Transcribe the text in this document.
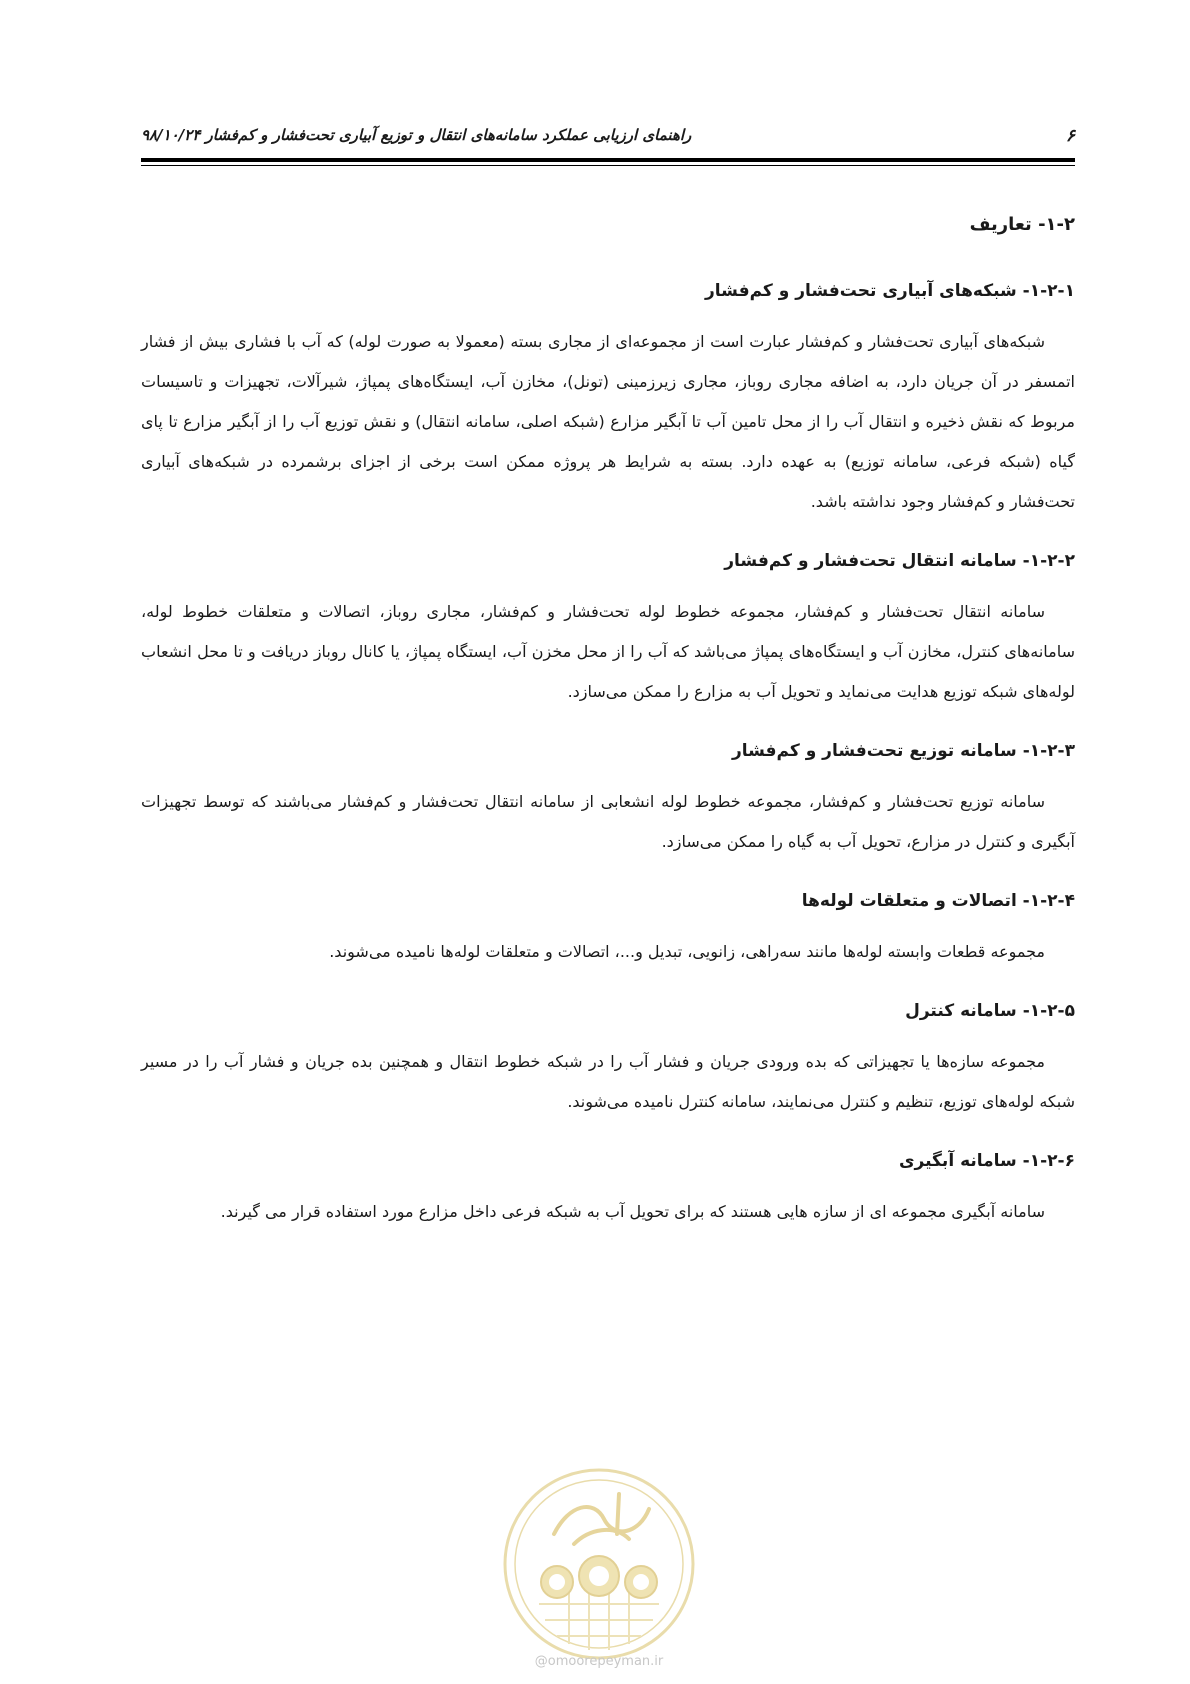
۶
راهنمای ارزیابی عملکرد سامانه‌های انتقال و توزیع آبیاری تحت‌فشار و کم‌فشار ۹۸/۱۰/۲۴
۱-۲- تعاریف
۱-۲-۱- شبکه‌های آبیاری تحت‌فشار و کم‌فشار

شبکه‌های آبیاری تحت‌فشار و کم‌فشار عبارت است از مجموعه‌ای از مجاری بسته (معمولا به صورت لوله) که آب با فشاری بیش از فشار اتمسفر در آن جریان دارد، به اضافه مجاری روباز، مجاری زیرزمینی (تونل)، مخازن آب، ایستگاه‌های پمپاژ، شیرآلات، تجهیزات و تاسیسات مربوط که نقش ذخیره و انتقال آب را از محل تامین آب تا آبگیر مزارع (شبکه اصلی، سامانه انتقال) و نقش توزیع آب را از آبگیر مزارع تا پای گیاه (شبکه فرعی، سامانه توزیع) به عهده دارد. بسته به شرایط هر پروژه ممکن است برخی از اجزای برشمرده در شبکه‌های آبیاری تحت‌فشار و کم‌فشار وجود نداشته باشد.

۱-۲-۲- سامانه انتقال تحت‌فشار و کم‌فشار

سامانه انتقال تحت‌فشار و کم‌فشار، مجموعه خطوط لوله تحت‌فشار و کم‌فشار، مجاری روباز، اتصالات و متعلقات خطوط لوله، سامانه‌های کنترل، مخازن آب و ایستگاه‌های پمپاژ می‌باشد که آب را از محل مخزن آب، ایستگاه پمپاژ، یا کانال روباز دریافت و تا محل انشعاب لوله‌های شبکه توزیع هدایت می‌نماید و تحویل آب به مزارع را ممکن می‌سازد.

۱-۲-۳- سامانه توزیع تحت‌فشار و کم‌فشار

سامانه توزیع تحت‌فشار و کم‌فشار، مجموعه خطوط لوله انشعابی از سامانه انتقال تحت‌فشار و کم‌فشار می‌باشند که توسط تجهیزات آبگیری و کنترل در مزارع، تحویل آب به گیاه را ممکن می‌سازد.

۱-۲-۴- اتصالات و متعلقات لوله‌ها

مجموعه قطعات وابسته لوله‌ها مانند سه‌راهی، زانویی، تبدیل و...، اتصالات و متعلقات لوله‌ها نامیده می‌شوند.

۱-۲-۵- سامانه کنترل

مجموعه سازه‌ها یا تجهیزاتی که بده ورودی جریان و فشار آب را در شبکه خطوط انتقال و همچنین بده جریان و فشار آب را در مسیر شبکه لوله‌های توزیع، تنظیم و کنترل می‌نمایند، سامانه کنترل نامیده می‌شوند.

۱-۲-۶- سامانه آبگیری

سامانه آبگیری مجموعه ای از سازه هایی هستند که برای تحویل آب به شبکه فرعی داخل مزارع مورد استفاده قرار می گیرند.

@omoorepeyman.ir
